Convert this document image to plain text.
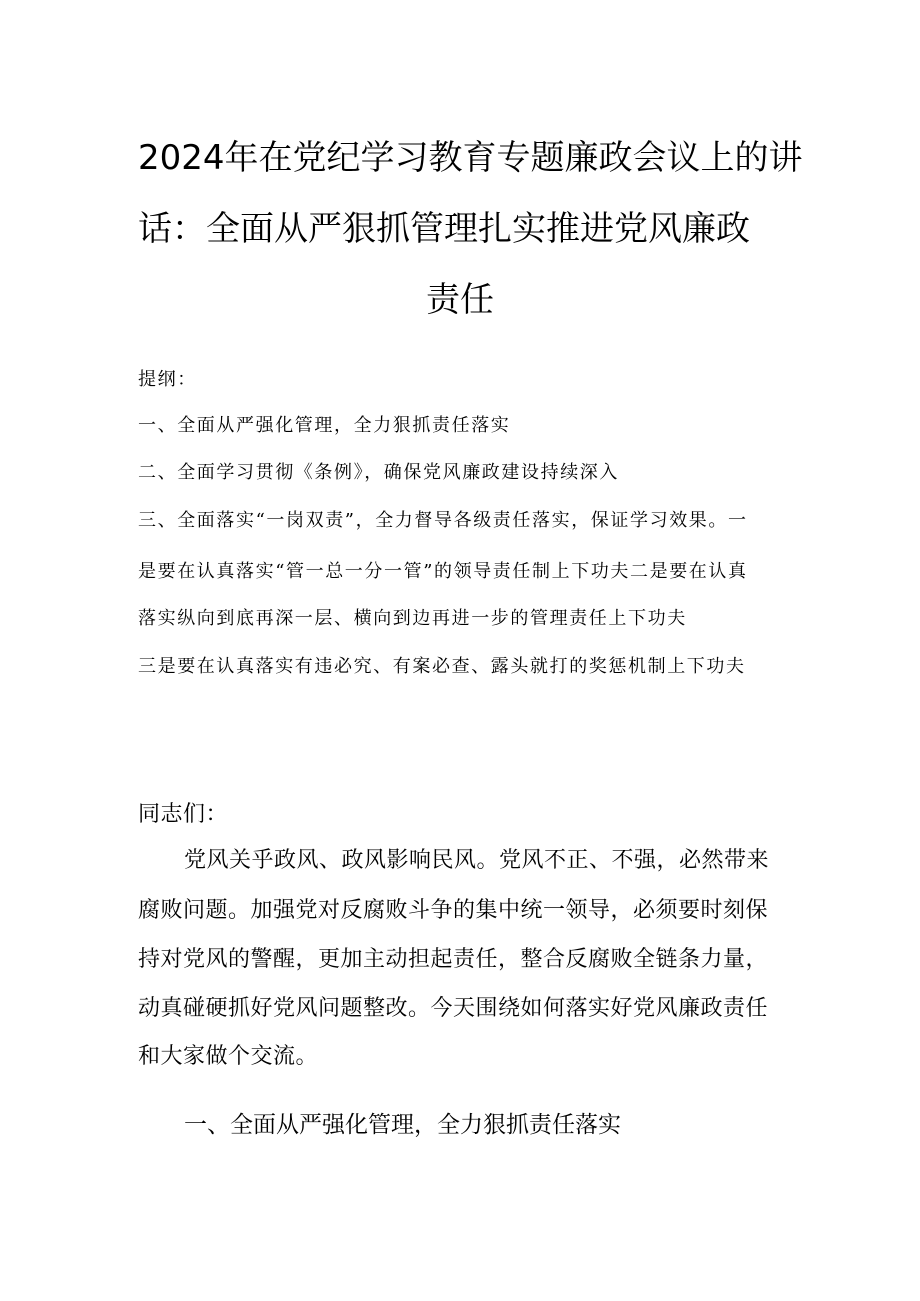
2024年在党纪学习教育专题廉政会议上的讲
话：全面从严狠抓管理扎实推进党风廉政
责任
提纲：
一、全面从严强化管理，全力狠抓责任落实
二、全面学习贯彻《条例》，确保党风廉政建设持续深入
三、全面落实“一岗双责”，全力督导各级责任落实，保证学习效果。一
是要在认真落实“管一总一分一管”的领导责任制上下功夫二是要在认真
落实纵向到底再深一层、横向到边再进一步的管理责任上下功夫
三是要在认真落实有违必究、有案必查、露头就打的奖惩机制上下功夫
同志们：
党风关乎政风、政风影响民风。党风不正、不强，必然带来
腐败问题。加强党对反腐败斗争的集中统一领导，必须要时刻保
持对党风的警醒，更加主动担起责任，整合反腐败全链条力量，
动真碰硬抓好党风问题整改。今天围绕如何落实好党风廉政责任
和大家做个交流。
一、全面从严强化管理，全力狠抓责任落实
